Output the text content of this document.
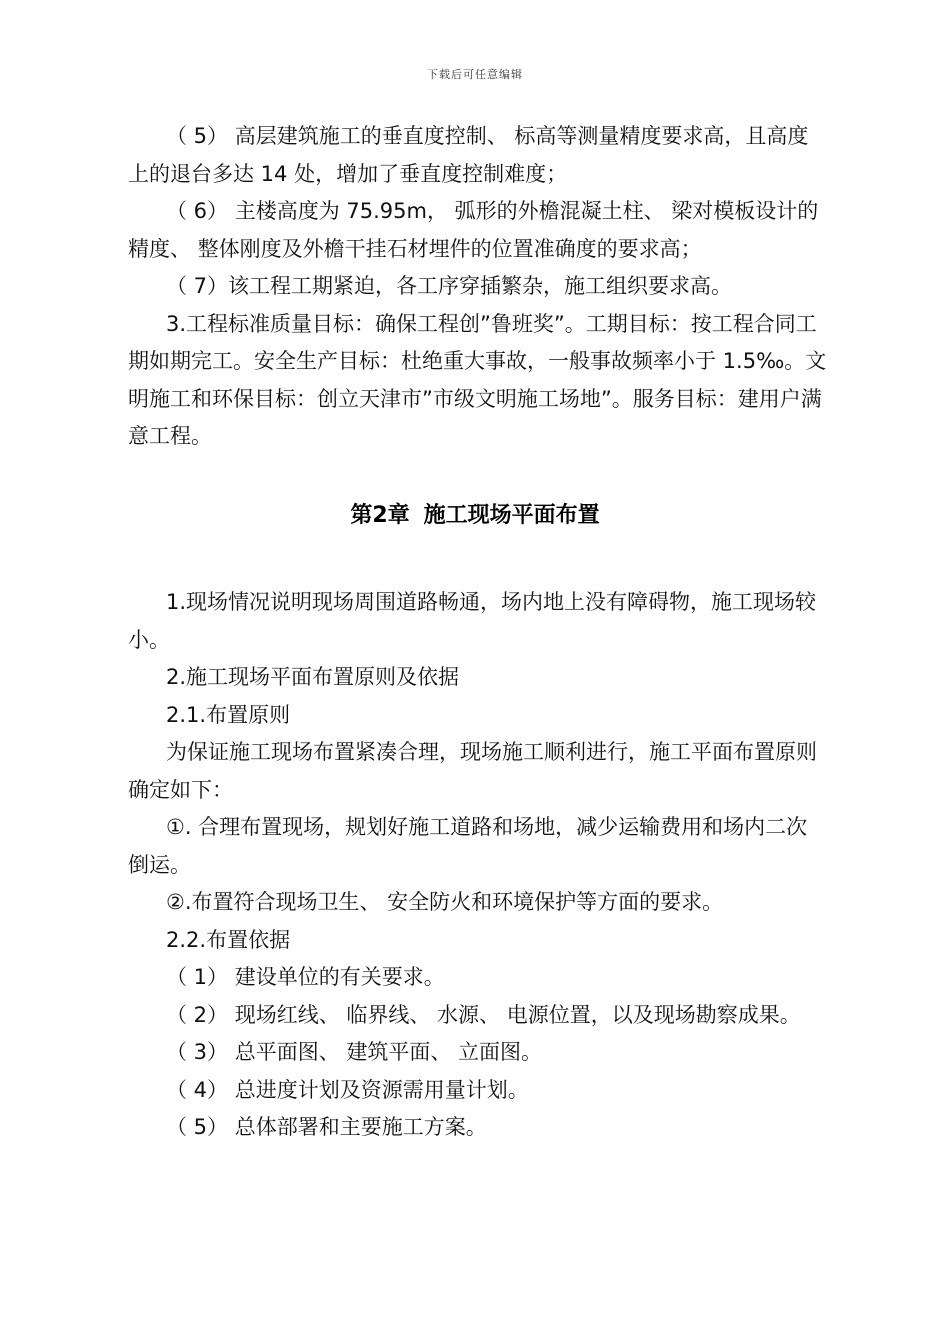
下载后可任意编辑

（ 5） 高层建筑施工的垂直度控制、 标高等测量精度要求高，且高度上的退台多达 14 处，增加了垂直度控制难度；

（ 6） 主楼高度为 75.95m， 弧形的外檐混凝土柱、 梁对模板设计的精度、 整体刚度及外檐干挂石材埋件的位置准确度的要求高；

（ 7）该工程工期紧迫，各工序穿插繁杂，施工组织要求高。

3.工程标准质量目标：确保工程创”鲁班奖”。工期目标：按工程合同工期如期完工。安全生产目标：杜绝重大事故，一般事故频率小于 1.5‰。文明施工和环保目标：创立天津市”市级文明施工场地”。服务目标：建用户满意工程。

第2章 施工现场平面布置

1.现场情况说明现场周围道路畅通，场内地上没有障碍物，施工现场较小。

2.施工现场平面布置原则及依据

2.1.布置原则

为保证施工现场布置紧凑合理，现场施工顺利进行，施工平面布置原则确定如下：

①. 合理布置现场，规划好施工道路和场地，减少运输费用和场内二次倒运。

②.布置符合现场卫生、 安全防火和环境保护等方面的要求。

2.2.布置依据

（ 1） 建设单位的有关要求。

（ 2） 现场红线、 临界线、 水源、 电源位置，以及现场勘察成果。

（ 3） 总平面图、 建筑平面、 立面图。

（ 4） 总进度计划及资源需用量计划。

（ 5） 总体部署和主要施工方案。
